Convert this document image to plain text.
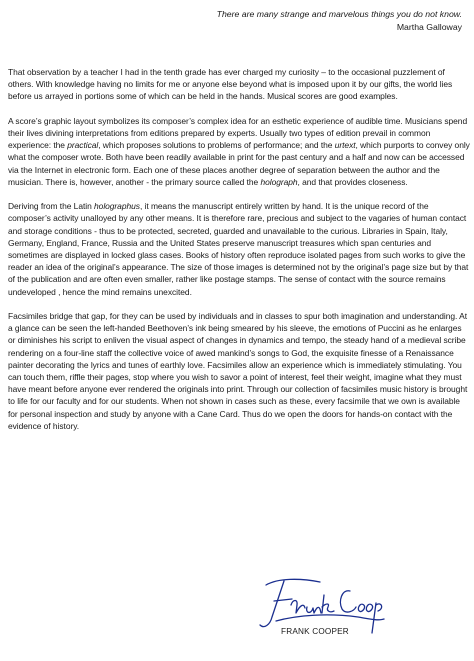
There are many strange and marvelous things you do not know.
Martha Galloway

That observation by a teacher I had in the tenth grade has ever charged my curiosity – to the occasional puzzlement of others. With knowledge having no limits for me or anyone else beyond what is imposed upon it by our gifts, the world lies before us arrayed in portions some of which can be held in the hands. Musical scores are good examples.

A score’s graphic layout symbolizes its composer’s complex idea for an esthetic experience of audible time. Musicians spend their lives divining interpretations from editions prepared by experts. Usually two types of edition prevail in common experience: the practical, which proposes solutions to problems of performance; and the urtext, which purports to convey only what the composer wrote. Both have been readily available in print for the past century and a half and now can be accessed via the Internet in electronic form. Each one of these places another degree of separation between the author and the musician. There is, however, another - the primary source called the holograph, and that provides closeness.

Deriving from the Latin holographus, it means the manuscript entirely written by hand. It is the unique record of the composer’s activity unalloyed by any other means. It is therefore rare, precious and subject to the vagaries of human contact and storage conditions - thus to be protected, secreted, guarded and unavailable to the curious. Libraries in Spain, Italy, Germany, England, France, Russia and the United States preserve manuscript treasures which span centuries and sometimes are displayed in locked glass cases. Books of history often reproduce isolated pages from such works to give the reader an idea of the original’s appearance. The size of those images is determined not by the original’s page size but by that of the publication and are often even smaller, rather like postage stamps. The sense of contact with the source remains undeveloped , hence the mind remains unexcited.

Facsimiles bridge that gap, for they can be used by individuals and in classes to spur both imagination and understanding. At a glance can be seen the left-handed Beethoven’s ink being smeared by his sleeve, the emotions of Puccini as he enlarges or diminishes his script to enliven the visual aspect of changes in dynamics and tempo, the steady hand of a medieval scribe rendering on a four-line staff the collective voice of awed mankind’s songs to God, the exquisite finesse of a Renaissance painter decorating the lyrics and tunes of earthly love. Facsimiles allow an experience which is immediately stimulating. You can touch them, riffle their pages, stop where you wish to savor a point of interest, feel their weight, imagine what they must have meant before anyone ever rendered the originals into print. Through our collection of facsimiles music history is brought to life for our faculty and for our students. When not shown in cases such as these, every facsimile that we own is available for personal inspection and study by anyone with a Cane Card. Thus do we open the doors for hands-on contact with the evidence of history.

FRANK COOPER
